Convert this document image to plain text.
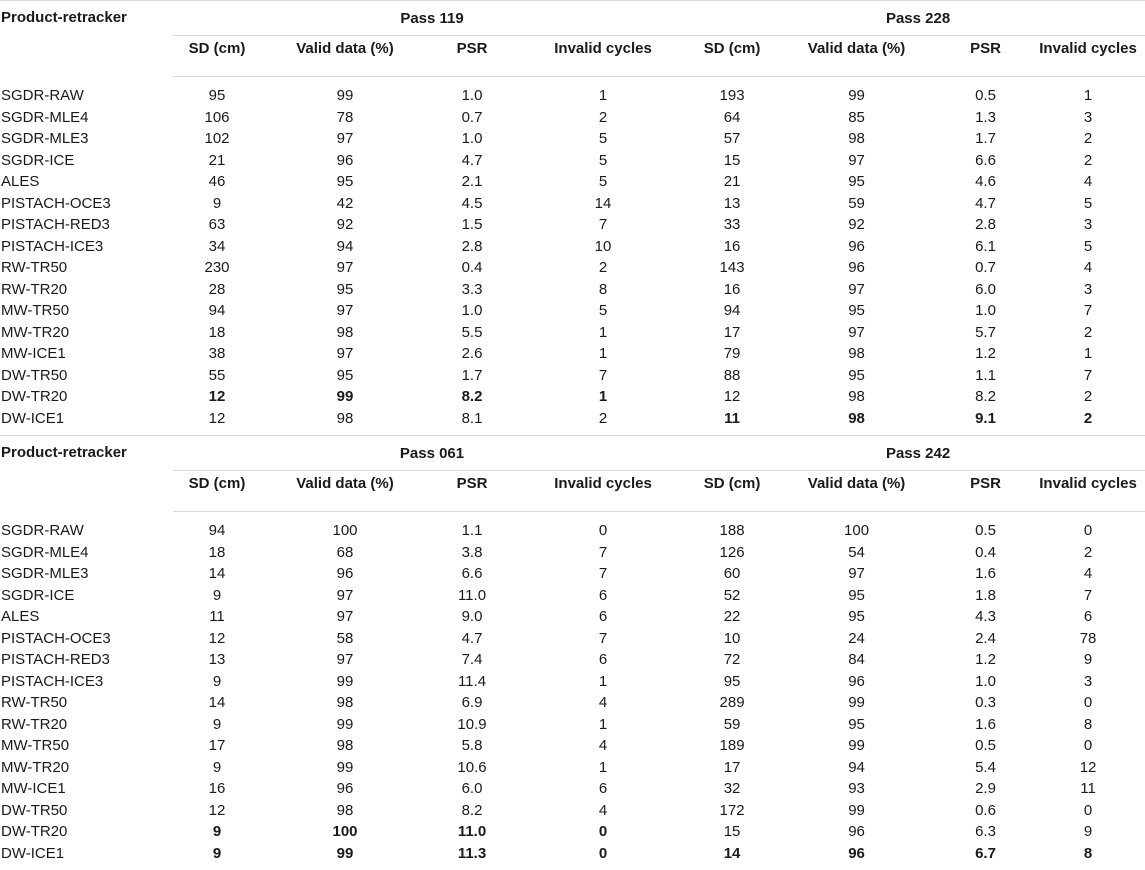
Product-retracker	Pass 119				Pass 228			
	SD (cm)	Valid data (%)	PSR	Invalid cycles	SD (cm)	Valid data (%)	PSR	Invalid cycles

SGDR-RAW	95	99	1.0	1	193	99	0.5	1
SGDR-MLE4	106	78	0.7	2	64	85	1.3	3
SGDR-MLE3	102	97	1.0	5	57	98	1.7	2
SGDR-ICE	21	96	4.7	5	15	97	6.6	2
ALES	46	95	2.1	5	21	95	4.6	4
PISTACH-OCE3	9	42	4.5	14	13	59	4.7	5
PISTACH-RED3	63	92	1.5	7	33	92	2.8	3
PISTACH-ICE3	34	94	2.8	10	16	96	6.1	5
RW-TR50	230	97	0.4	2	143	96	0.7	4
RW-TR20	28	95	3.3	8	16	97	6.0	3
MW-TR50	94	97	1.0	5	94	95	1.0	7
MW-TR20	18	98	5.5	1	17	97	5.7	2
MW-ICE1	38	97	2.6	1	79	98	1.2	1
DW-TR50	55	95	1.7	7	88	95	1.1	7
DW-TR20	12	99	8.2	1	12	98	8.2	2
DW-ICE1	12	98	8.1	2	11	98	9.1	2
Product-retracker	Pass 061				Pass 242			
	SD (cm)	Valid data (%)	PSR	Invalid cycles	SD (cm)	Valid data (%)	PSR	Invalid cycles

SGDR-RAW	94	100	1.1	0	188	100	0.5	0
SGDR-MLE4	18	68	3.8	7	126	54	0.4	2
SGDR-MLE3	14	96	6.6	7	60	97	1.6	4
SGDR-ICE	9	97	11.0	6	52	95	1.8	7
ALES	11	97	9.0	6	22	95	4.3	6
PISTACH-OCE3	12	58	4.7	7	10	24	2.4	78
PISTACH-RED3	13	97	7.4	6	72	84	1.2	9
PISTACH-ICE3	9	99	11.4	1	95	96	1.0	3
RW-TR50	14	98	6.9	4	289	99	0.3	0
RW-TR20	9	99	10.9	1	59	95	1.6	8
MW-TR50	17	98	5.8	4	189	99	0.5	0
MW-TR20	9	99	10.6	1	17	94	5.4	12
MW-ICE1	16	96	6.0	6	32	93	2.9	11
DW-TR50	12	98	8.2	4	172	99	0.6	0
DW-TR20	9	100	11.0	0	15	96	6.3	9
DW-ICE1	9	99	11.3	0	14	96	6.7	8
